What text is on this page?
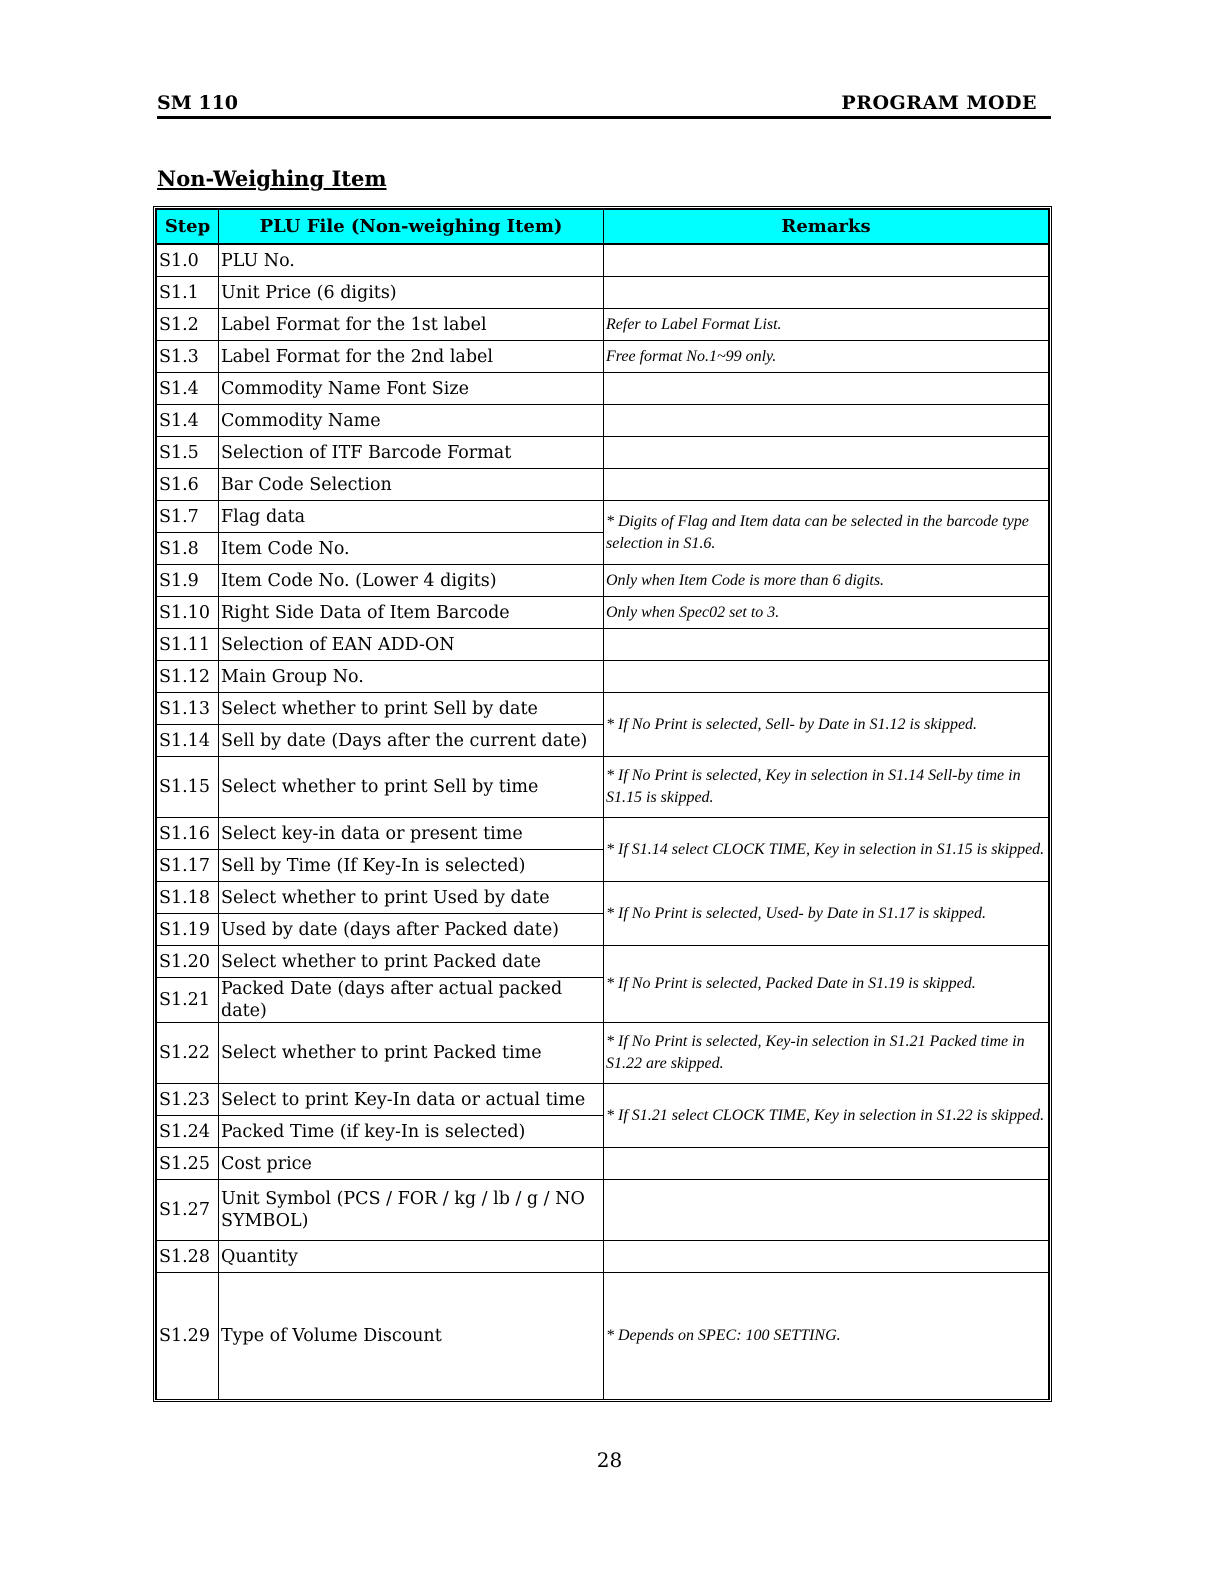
SM 110	PROGRAM MODE
Non-Weighing Item
Step	PLU File (Non-weighing Item)	Remarks
S1.0	PLU No.	
S1.1	Unit Price (6 digits)	
S1.2	Label Format for the 1st label	Refer to Label Format List.
S1.3	Label Format for the 2nd label	Free format No.1~99 only.
S1.4	Commodity Name Font Size	
S1.4	Commodity Name	
S1.5	Selection of ITF Barcode Format	
S1.6	Bar Code Selection	
S1.7	Flag data	* Digits of Flag and Item data can be selected in the barcode type selection in S1.6.
S1.8	Item Code No.	
S1.9	Item Code No. (Lower 4 digits)	Only when Item Code is more than 6 digits.
S1.10	Right Side Data of Item Barcode	Only when Spec02 set to 3.
S1.11	Selection of EAN ADD-ON	
S1.12	Main Group No.	
S1.13	Select whether to print Sell by date	* If No Print is selected, Sell- by Date in S1.12 is skipped.
S1.14	Sell by date (Days after the current date)	
S1.15	Select whether to print Sell by time	* If No Print is selected, Key in selection in S1.14 Sell-by time in S1.15 is skipped.
S1.16	Select key-in data or present time	* If S1.14 select CLOCK TIME, Key in selection in S1.15 is skipped.
S1.17	Sell by Time (If Key-In is selected)	
S1.18	Select whether to print Used by date	* If No Print is selected, Used- by Date in S1.17 is skipped.
S1.19	Used by date (days after Packed date)	
S1.20	Select whether to print Packed date	* If No Print is selected, Packed Date in S1.19 is skipped.
S1.21	Packed Date (days after actual packed date)	
S1.22	Select whether to print Packed time	* If No Print is selected, Key-in selection in S1.21 Packed time in S1.22 are skipped.
S1.23	Select to print Key-In data or actual time	* If S1.21 select CLOCK TIME, Key in selection in S1.22 is skipped.
S1.24	Packed Time (if key-In is selected)	
S1.25	Cost price	
S1.27	Unit Symbol (PCS / FOR / kg / lb / g / NO SYMBOL)	
S1.28	Quantity	
S1.29	Type of Volume Discount	* Depends on SPEC: 100 SETTING.
28
